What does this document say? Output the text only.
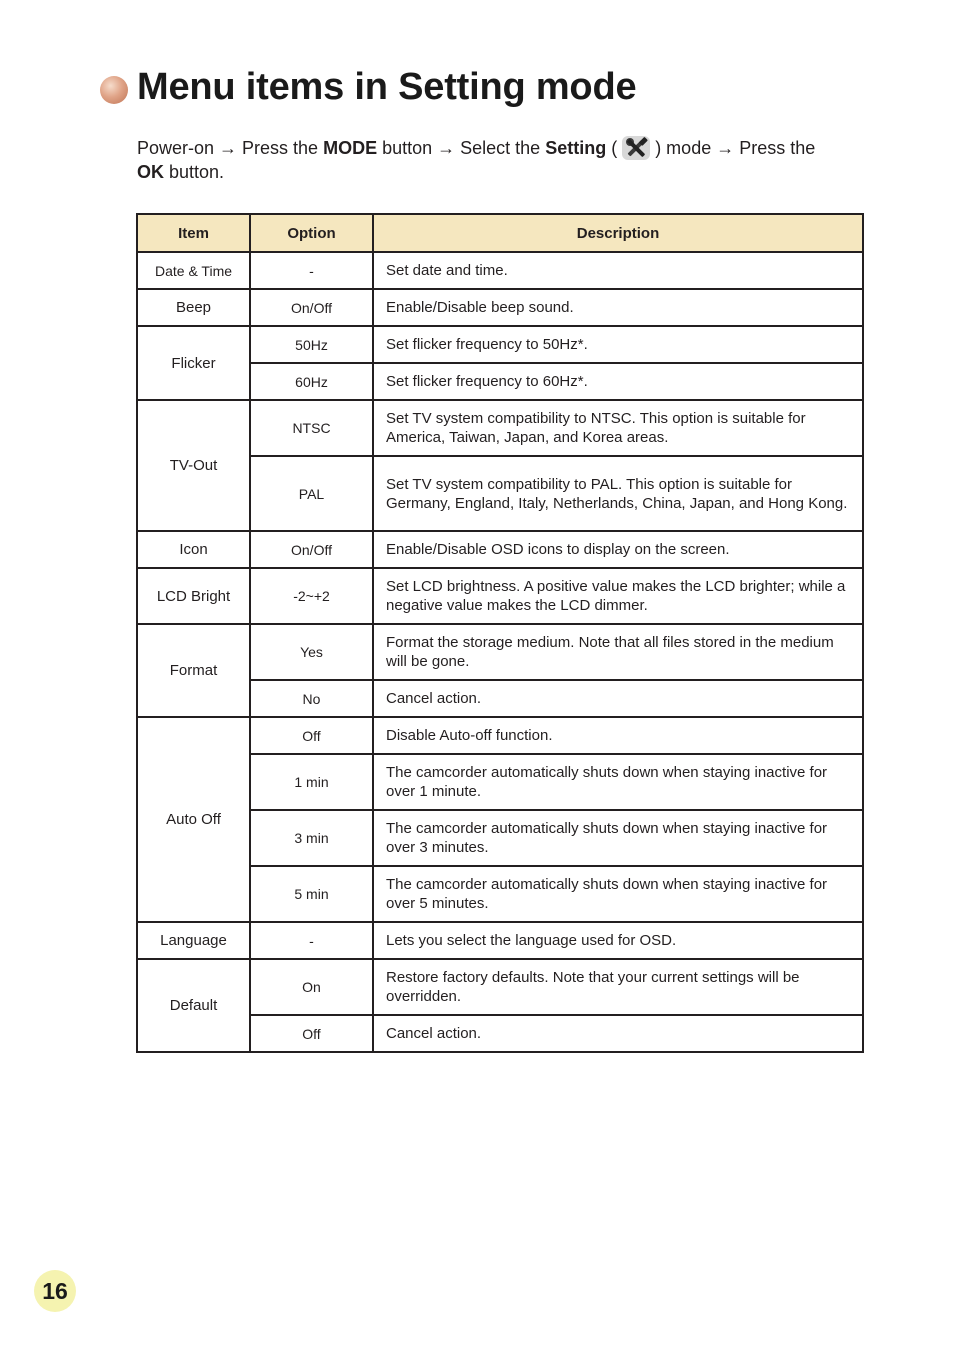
Menu items in Setting mode
Power-on → Press the MODE button → Select the Setting ( ) mode → Press the OK button.
Item	Option	Description
Date & Time	-	Set date and time.
Beep	On/Off	Enable/Disable beep sound.
Flicker	50Hz	Set flicker frequency to 50Hz*.
	60Hz	Set flicker frequency to 60Hz*.
TV-Out	NTSC	Set TV system compatibility to NTSC. This option is suitable for America, Taiwan, Japan, and Korea areas.
	PAL	Set TV system compatibility to PAL. This option is suitable for Germany, England, Italy, Netherlands, China, Japan, and Hong Kong.
Icon	On/Off	Enable/Disable OSD icons to display on the screen.
LCD Bright	-2~+2	Set LCD brightness. A positive value makes the LCD brighter; while a negative value makes the LCD dimmer.
Format	Yes	Format the storage medium. Note that all files stored in the medium will be gone.
	No	Cancel action.
Auto Off	Off	Disable Auto-off function.
	1 min	The camcorder automatically shuts down when staying inactive for over 1 minute.
	3 min	The camcorder automatically shuts down when staying inactive for over 3 minutes.
	5 min	The camcorder automatically shuts down when staying inactive for over 5 minutes.
Language	-	Lets you select the language used for OSD.
Default	On	Restore factory defaults. Note that your current settings will be overridden.
	Off	Cancel action.
16
